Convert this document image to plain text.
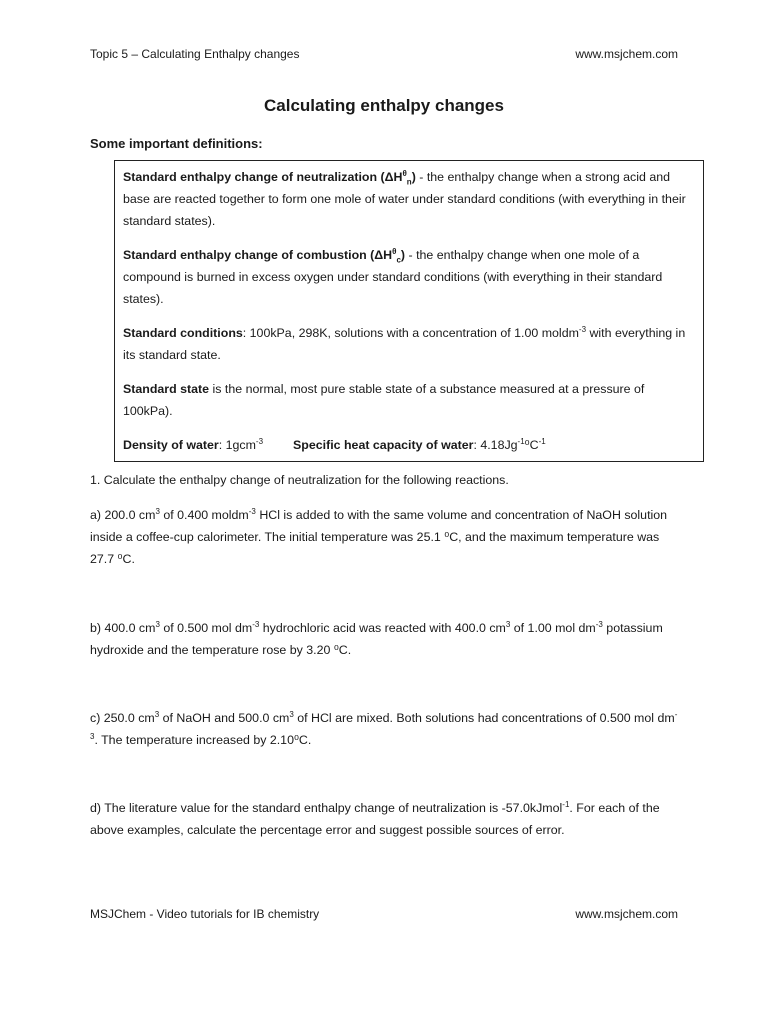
Topic 5 – Calculating Enthalpy changes	www.msjchem.com
Calculating enthalpy changes
Some important definitions:

Standard enthalpy change of neutralization $(\Delta H^\theta_n)$ - the enthalpy change when a strong acid and base are reacted together to form one mole of water under standard conditions (with everything in their standard states).

Standard enthalpy change of combustion $(\Delta H^\theta_c)$ - the enthalpy change when one mole of a compound is burned in excess oxygen under standard conditions (with everything in their standard states).

Standard conditions: 100kPa, 298K, solutions with a concentration of 1.00 moldm$^{-3}$ with everything in its standard state.

Standard state is the normal, most pure stable state of a substance measured at a pressure of 100kPa).

Density of water: 1gcm$^{-3}$ Specific heat capacity of water: $4.18Jg^{-1}^0C^{-1}$
1. Calculate the enthalpy change of neutralization for the following reactions.

a) 200.0 $cm^3$ of 0.400 moldm$^{-3}$ HCl is added to with the same volume and concentration of NaOH solution inside a coffee-cup calorimeter. The initial temperature was 25.1 ⁰C, and the maximum temperature was 27.7 ⁰C.

b) 400.0 $cm^3$ of 0.500 mol $dm^{-3}$ hydrochloric acid was reacted with 400.0 $cm^3$ of 1.00 mol $dm^{-3}$ potassium hydroxide and the temperature rose by 3.20 ⁰C.

c) 250.0 $cm^3$ of NaOH and 500.0 $cm^3$ of HCl are mixed. Both solutions had concentrations of 0.500 mol $dm^{-3}$. The temperature increased by 2.10⁰C.

d) The literature value for the standard enthalpy change of neutralization is -57.0kJmol$^{-1}$. For each of the above examples, calculate the percentage error and suggest possible sources of error.

MSJChem - Video tutorials for IB chemistry	www.msjchem.com
